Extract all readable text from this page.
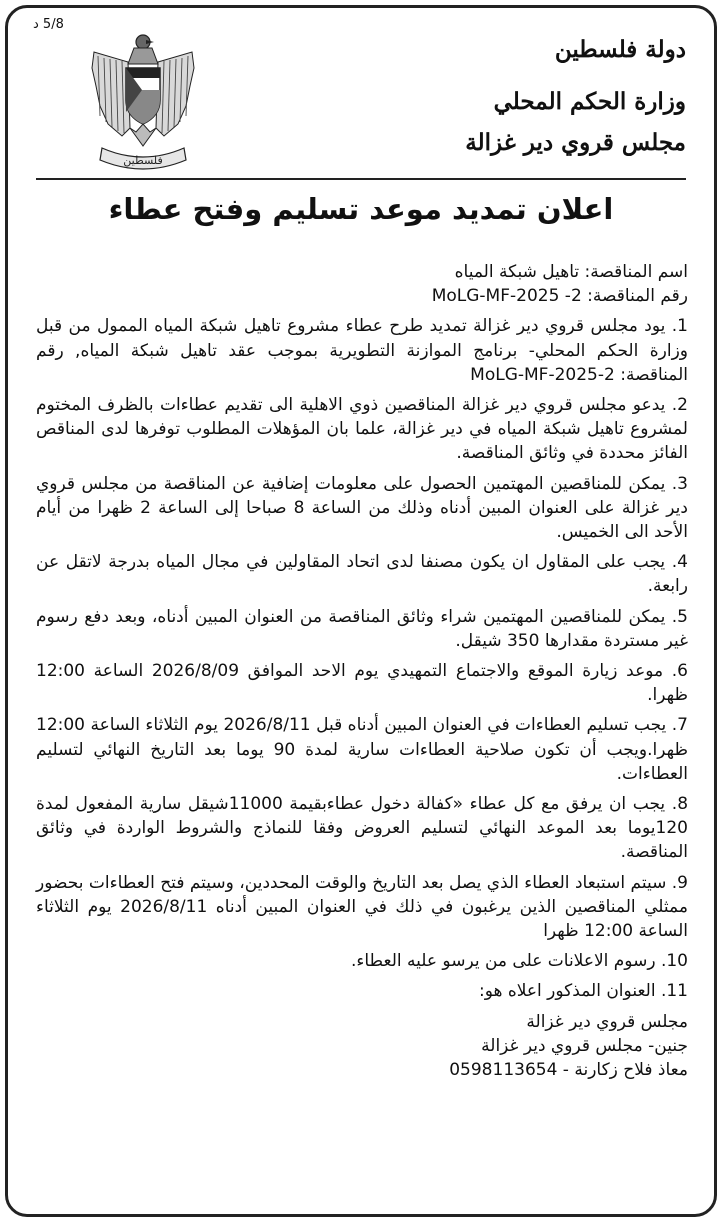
5/8 د
دولة فلسطين
وزارة الحكم المحلي
مجلس قروي دير غزالة
فلسطين
اعلان تمديد موعد تسليم وفتح عطاء

اسم المناقصة: تاهيل شبكة المياه

رقم المناقصة: 2- MoLG-MF-2025

1. يود مجلس قروي دير غزالة تمديد طرح عطاء مشروع تاهيل شبكة المياه الممول من قبل وزارة الحكم المحلي- برنامج الموازنة التطويرية بموجب عقد تاهيل شبكة المياه, رقم المناقصة: 2-MoLG-MF-2025

2. يدعو مجلس قروي دير غزالة المناقصين ذوي الاهلية الى تقديم عطاءات بالظرف المختوم لمشروع تاهيل شبكة المياه في دير غزالة، علما بان المؤهلات المطلوب توفرها لدى المناقص الفائز محددة في وثائق المناقصة.

3. يمكن للمناقصين المهتمين الحصول على معلومات إضافية عن المناقصة من مجلس قروي دير غزالة على العنوان المبين أدناه وذلك من الساعة 8 صباحا إلى الساعة 2 ظهرا من أيام الأحد الى الخميس.

4. يجب على المقاول ان يكون مصنفا لدى اتحاد المقاولين في مجال المياه بدرجة لاتقل عن رابعة.

5. يمكن للمناقصين المهتمين شراء وثائق المناقصة من العنوان المبين أدناه، وبعد دفع رسوم غير مستردة مقدارها 350 شيقل.

6. موعد زيارة الموقع والاجتماع التمهيدي يوم الاحد الموافق 2026/8/09 الساعة 12:00 ظهرا.

7. يجب تسليم العطاءات في العنوان المبين أدناه قبل 2026/8/11 يوم الثلاثاء الساعة 12:00 ظهرا.ويجب أن تكون صلاحية العطاءات سارية لمدة 90 يوما بعد التاريخ النهائي لتسليم العطاءات.

8. يجب ان يرفق مع كل عطاء «كفالة دخول عطاءبقيمة 11000شيقل سارية المفعول لمدة 120يوما بعد الموعد النهائي لتسليم العروض وفقا للنماذج والشروط الواردة في وثائق المناقصة.

9. سيتم استبعاد العطاء الذي يصل بعد التاريخ والوقت المحددين، وسيتم فتح العطاءات بحضور ممثلي المناقصين الذين يرغبون في ذلك في العنوان المبين أدناه 2026/8/11 يوم الثلاثاء الساعة 12:00 ظهرا

10. رسوم الاعلانات على من يرسو عليه العطاء.

11. العنوان المذكور اعلاه هو:

مجلس قروي دير غزالة

جنين- مجلس قروي دير غزالة

معاذ فلاح زكارنة - 0598113654
